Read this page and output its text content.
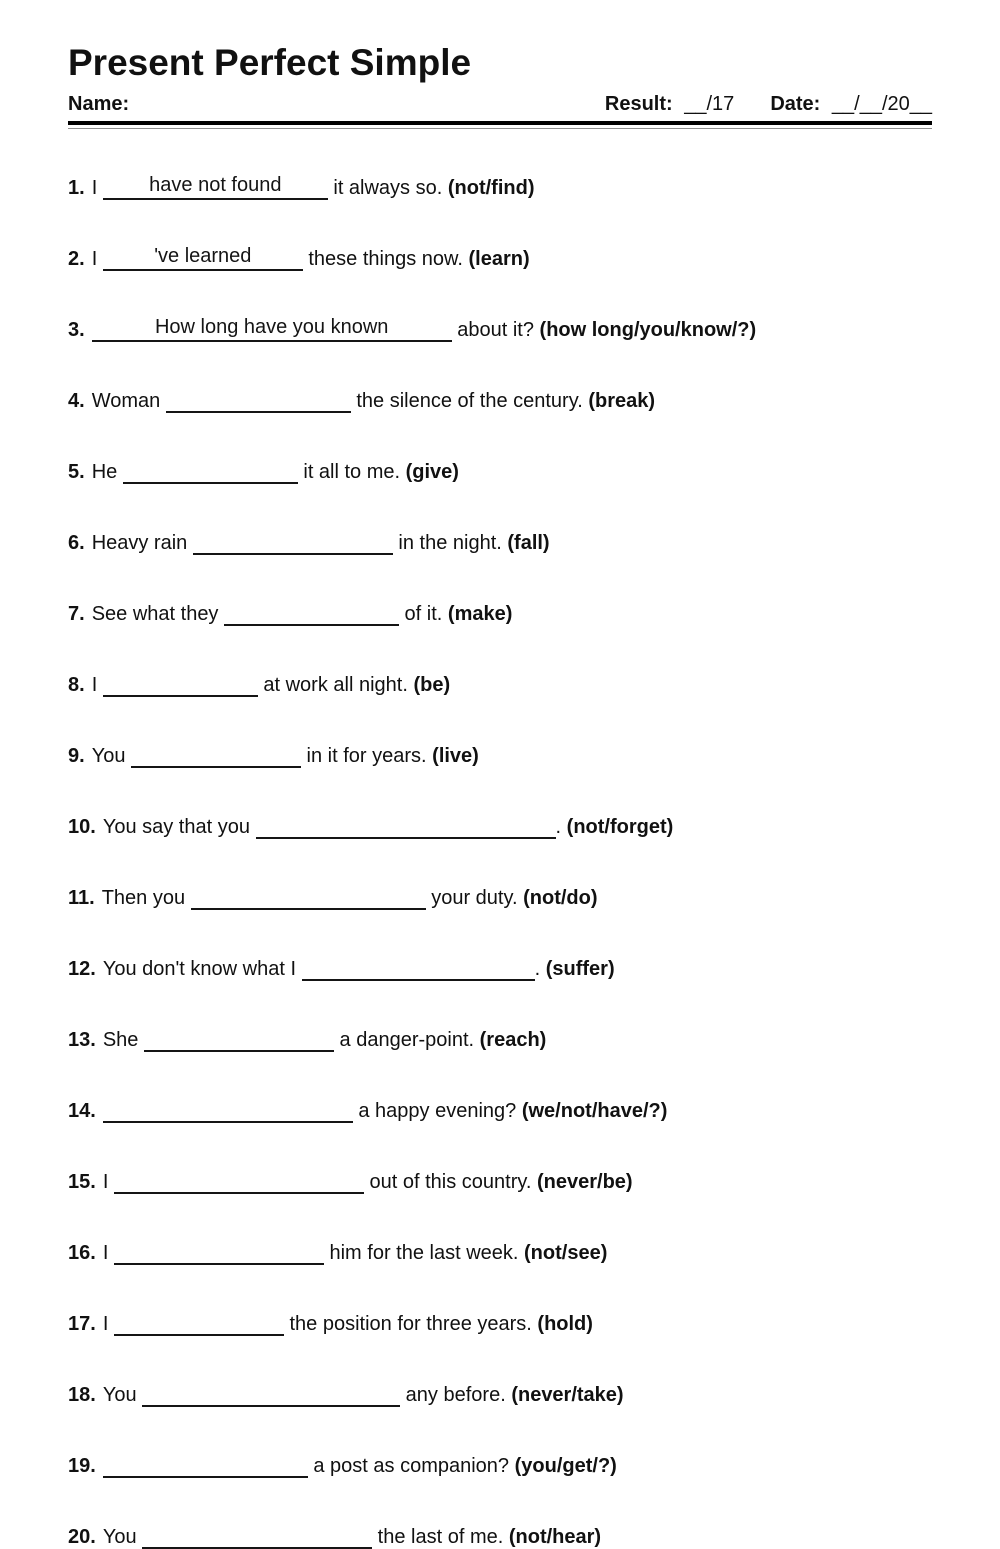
Present Perfect Simple
Name:	Result: __/17 Date: __/__/20__
1. I	have not found	it always so. (not/find)
2. I	've learned	these things now. (learn)
3.	How long have you known	about it? (how long/you/know/?)
4. Woman	the silence of the century. (break)
5. He	it all to me. (give)
6. Heavy rain	in the night. (fall)
7. See what they	of it. (make)
8. I	at work all night. (be)
9. You	in it for years. (live)
10. You say that you	. (not/forget)
11. Then you	your duty. (not/do)
12. You don't know what I	. (suffer)
13. She	a danger-point. (reach)
14.	a happy evening? (we/not/have/?)
15. I	out of this country. (never/be)
16. I	him for the last week. (not/see)
17. I	the position for three years. (hold)
18. You	any before. (never/take)
19.	a post as companion? (you/get/?)
20. You	the last of me. (not/hear)
